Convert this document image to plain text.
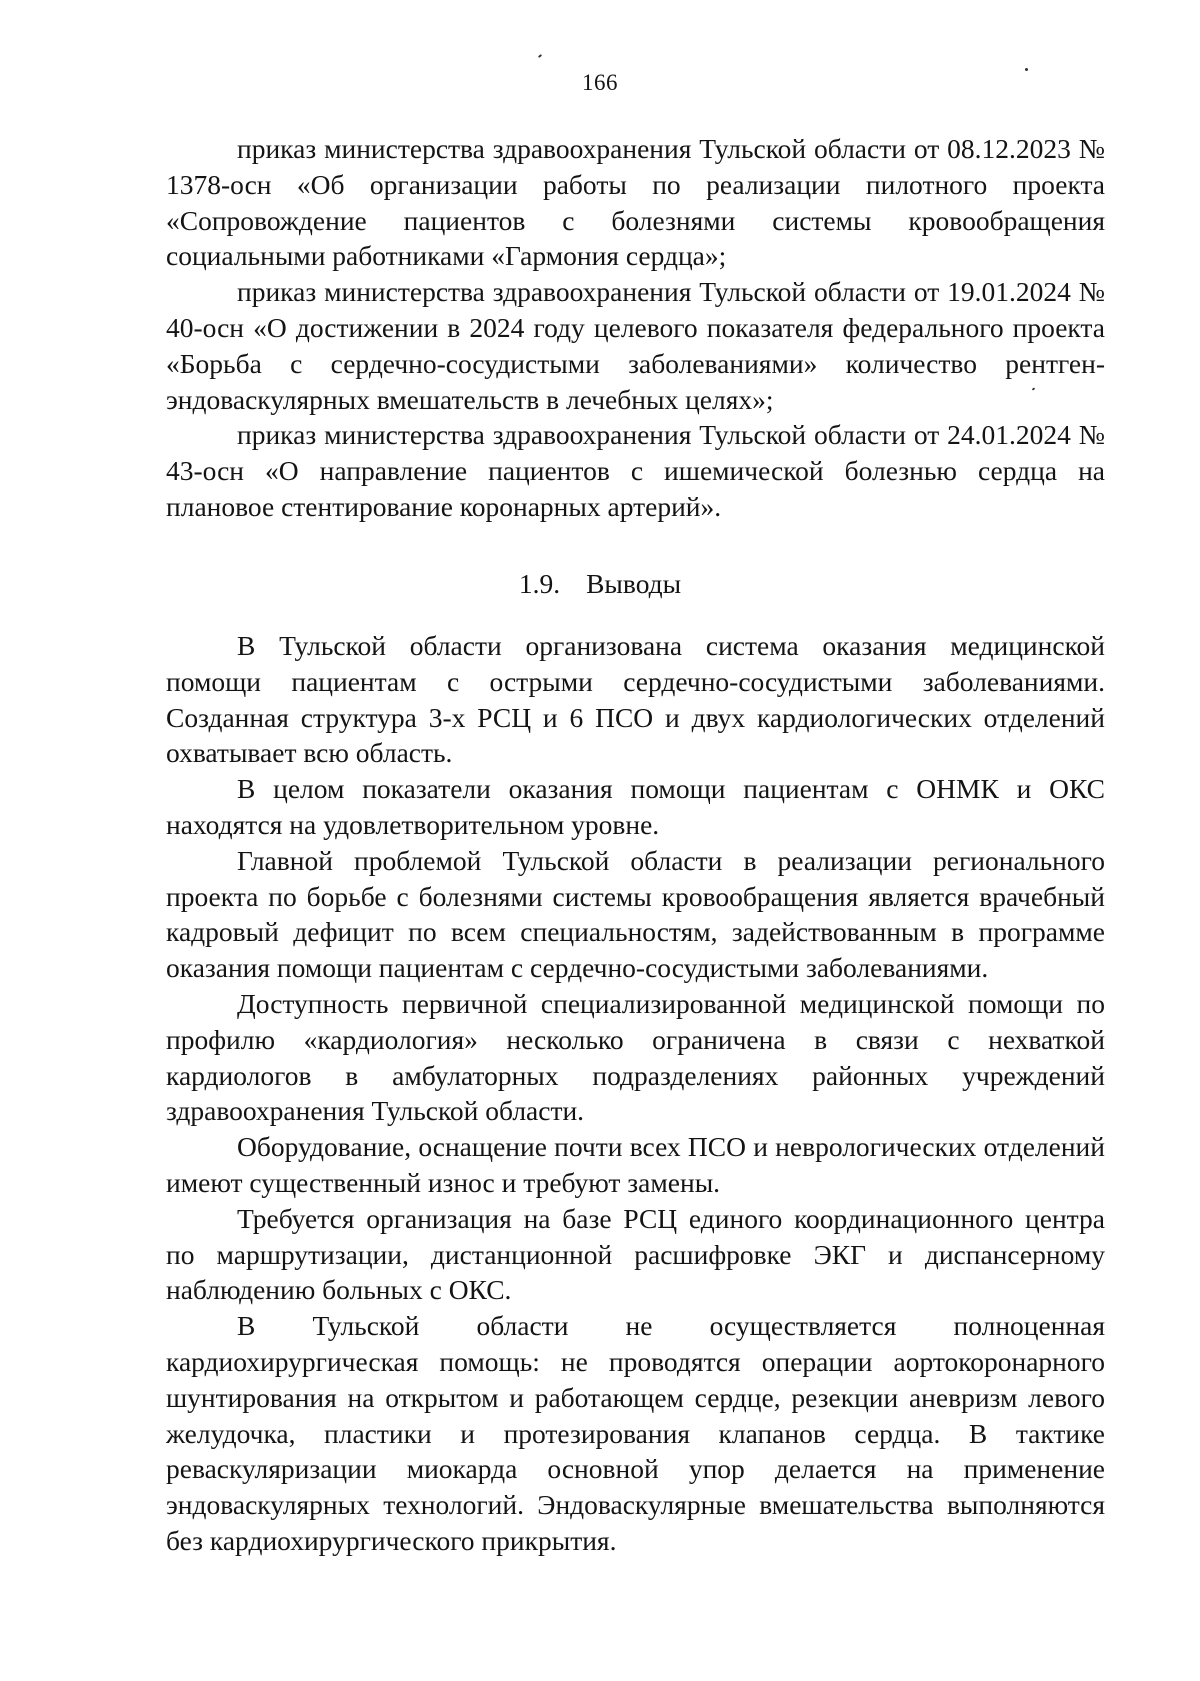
166

приказ министерства здравоохранения Тульской области от 08.12.2023 № 1378-осн «Об организации работы по реализации пилотного проекта «Сопровождение пациентов с болезнями системы кровообращения социальными работниками «Гармония сердца»;

приказ министерства здравоохранения Тульской области от 19.01.2024 № 40-осн «О достижении в 2024 году целевого показателя федерального проекта «Борьба с сердечно-сосудистыми заболеваниями» количество рентген-эндоваскулярных вмешательств в лечебных целях»;

приказ министерства здравоохранения Тульской области от 24.01.2024 № 43-осн «О направление пациентов с ишемической болезнью сердца на плановое стентирование коронарных артерий».

1.9. Выводы

В Тульской области организована система оказания медицинской помощи пациентам с острыми сердечно-сосудистыми заболеваниями. Созданная структура 3-х РСЦ и 6 ПСО и двух кардиологических отделений охватывает всю область.

В целом показатели оказания помощи пациентам с ОНМК и ОКС находятся на удовлетворительном уровне.

Главной проблемой Тульской области в реализации регионального проекта по борьбе с болезнями системы кровообращения является врачебный кадровый дефицит по всем специальностям, задействованным в программе оказания помощи пациентам с сердечно-сосудистыми заболеваниями.

Доступность первичной специализированной медицинской помощи по профилю «кардиология» несколько ограничена в связи с нехваткой кардиологов в амбулаторных подразделениях районных учреждений здравоохранения Тульской области.

Оборудование, оснащение почти всех ПСО и неврологических отделений имеют существенный износ и требуют замены.

Требуется организация на базе РСЦ единого координационного центра по маршрутизации, дистанционной расшифровке ЭКГ и диспансерному наблюдению больных с ОКС.

В Тульской области не осуществляется полноценная кардиохирургическая помощь: не проводятся операции аортокоронарного шунтирования на открытом и работающем сердце, резекции аневризм левого желудочка, пластики и протезирования клапанов сердца. В тактике реваскуляризации миокарда основной упор делается на применение эндоваскулярных технологий. Эндоваскулярные вмешательства выполняются без кардиохирургического прикрытия.
